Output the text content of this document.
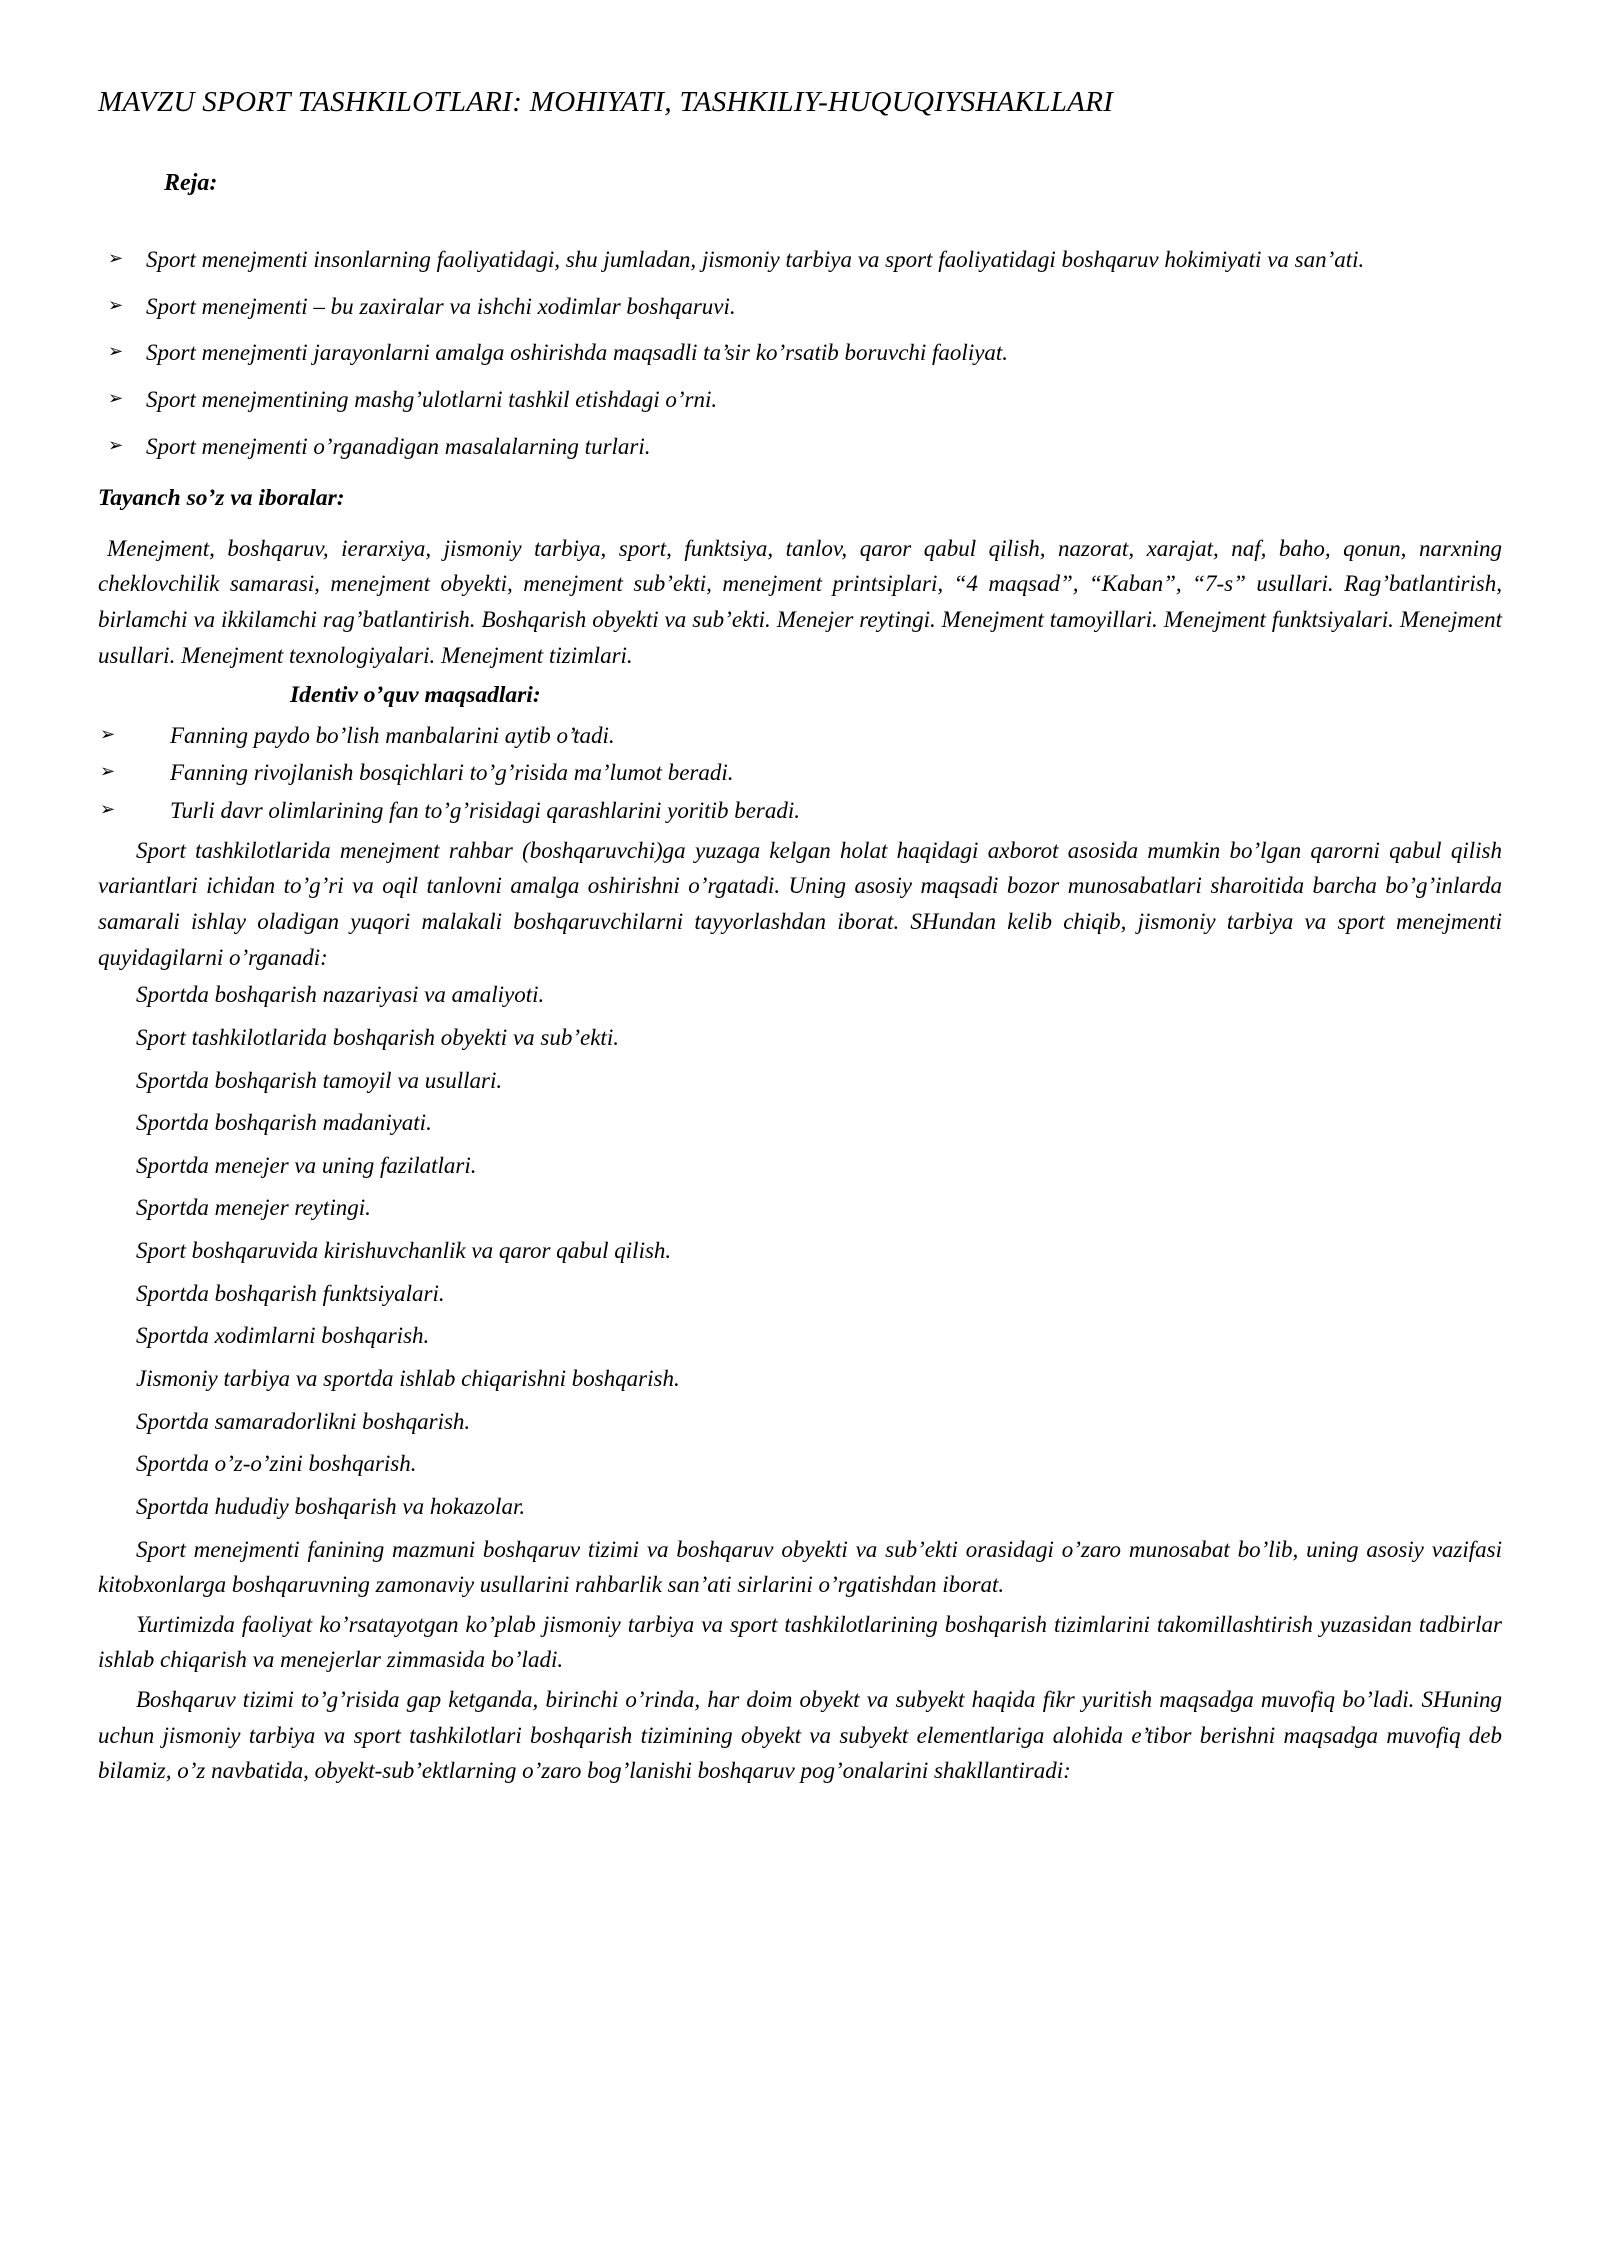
MAVZU SPORT TASHKILOTLARI: MOHIYATI, TASHKILIY-HUQUQIYSHAKLLARI
Reja:
➢ Sport menejmenti insonlarning faoliyatidagi, shu jumladan, jismoniy tarbiya va sport faoliyatidagi boshqaruv hokimiyati va san’ati.
➢ Sport menejmenti – bu zaxiralar va ishchi xodimlar boshqaruvi.
➢ Sport menejmenti jarayonlarni amalga oshirishda maqsadli ta’sir ko’rsatib boruvchi faoliyat.
➢ Sport menejmentining mashg’ulotlarni tashkil etishdagi o’rni.
➢ Sport menejmenti o’rganadigan masalalarning turlari.
Tayanch so’z va iboralar:

Menejment, boshqaruv, ierarxiya, jismoniy tarbiya, sport, funktsiya, tanlov, qaror qabul qilish, nazorat, xarajat, naf, baho, qonun, narxning cheklovchilik samarasi, menejment obyekti, menejment sub’ekti, menejment printsiplari, “4 maqsad”, “Kaban”, “7-s” usullari. Rag’batlantirish, birlamchi va ikkilamchi rag’batlantirish. Boshqarish obyekti va sub’ekti. Menejer reytingi. Menejment tamoyillari. Menejment funktsiyalari. Menejment usullari. Menejment texnologiyalari. Menejment tizimlari.

Identiv o’quv maqsadlari:
➢	Fanning paydo bo’lish manbalarini aytib o’tadi.
➢	Fanning rivojlanish bosqichlari to’g’risida ma’lumot beradi.
➢	Turli davr olimlarining fan to’g’risidagi qarashlarini yoritib beradi.

Sport tashkilotlarida menejment rahbar (boshqaruvchi)ga yuzaga kelgan holat haqidagi axborot asosida mumkin bo’lgan qarorni qabul qilish variantlari ichidan to’g’ri va oqil tanlovni amalga oshirishni o’rgatadi. Uning asosiy maqsadi bozor munosabatlari sharoitida barcha bo’g’inlarda samarali ishlay oladigan yuqori malakali boshqaruvchilarni tayyorlashdan iborat. SHundan kelib chiqib, jismoniy tarbiya va sport menejmenti quyidagilarni o’rganadi:

Sportda boshqarish nazariyasi va amaliyoti.
Sport tashkilotlarida boshqarish obyekti va sub’ekti.
Sportda boshqarish tamoyil va usullari.
Sportda boshqarish madaniyati.
Sportda menejer va uning fazilatlari.
Sportda menejer reytingi.
Sport boshqaruvida kirishuvchanlik va qaror qabul qilish.
Sportda boshqarish funktsiyalari.
Sportda xodimlarni boshqarish.
Jismoniy tarbiya va sportda ishlab chiqarishni boshqarish.
Sportda samaradorlikni boshqarish.
Sportda o’z-o’zini boshqarish.
Sportda hududiy boshqarish va hokazolar.

Sport menejmenti fanining mazmuni boshqaruv tizimi va boshqaruv obyekti va sub’ekti orasidagi o’zaro munosabat bo’lib, uning asosiy vazifasi kitobxonlarga boshqaruvning zamonaviy usullarini rahbarlik san’ati sirlarini o’rgatishdan iborat.

Yurtimizda faoliyat ko’rsatayotgan ko’plab jismoniy tarbiya va sport tashkilotlarining boshqarish tizimlarini takomillashtirish yuzasidan tadbirlar ishlab chiqarish va menejerlar zimmasida bo’ladi.

Boshqaruv tizimi to’g’risida gap ketganda, birinchi o’rinda, har doim obyekt va subyekt haqida fikr yuritish maqsadga muvofiq bo’ladi. SHuning uchun jismoniy tarbiya va sport tashkilotlari boshqarish tizimining obyekt va subyekt elementlariga alohida e’tibor berishni maqsadga muvofiq deb bilamiz, o’z navbatida, obyekt-sub’ektlarning o’zaro bog’lanishi boshqaruv pog’onalarini shakllantiradi:
